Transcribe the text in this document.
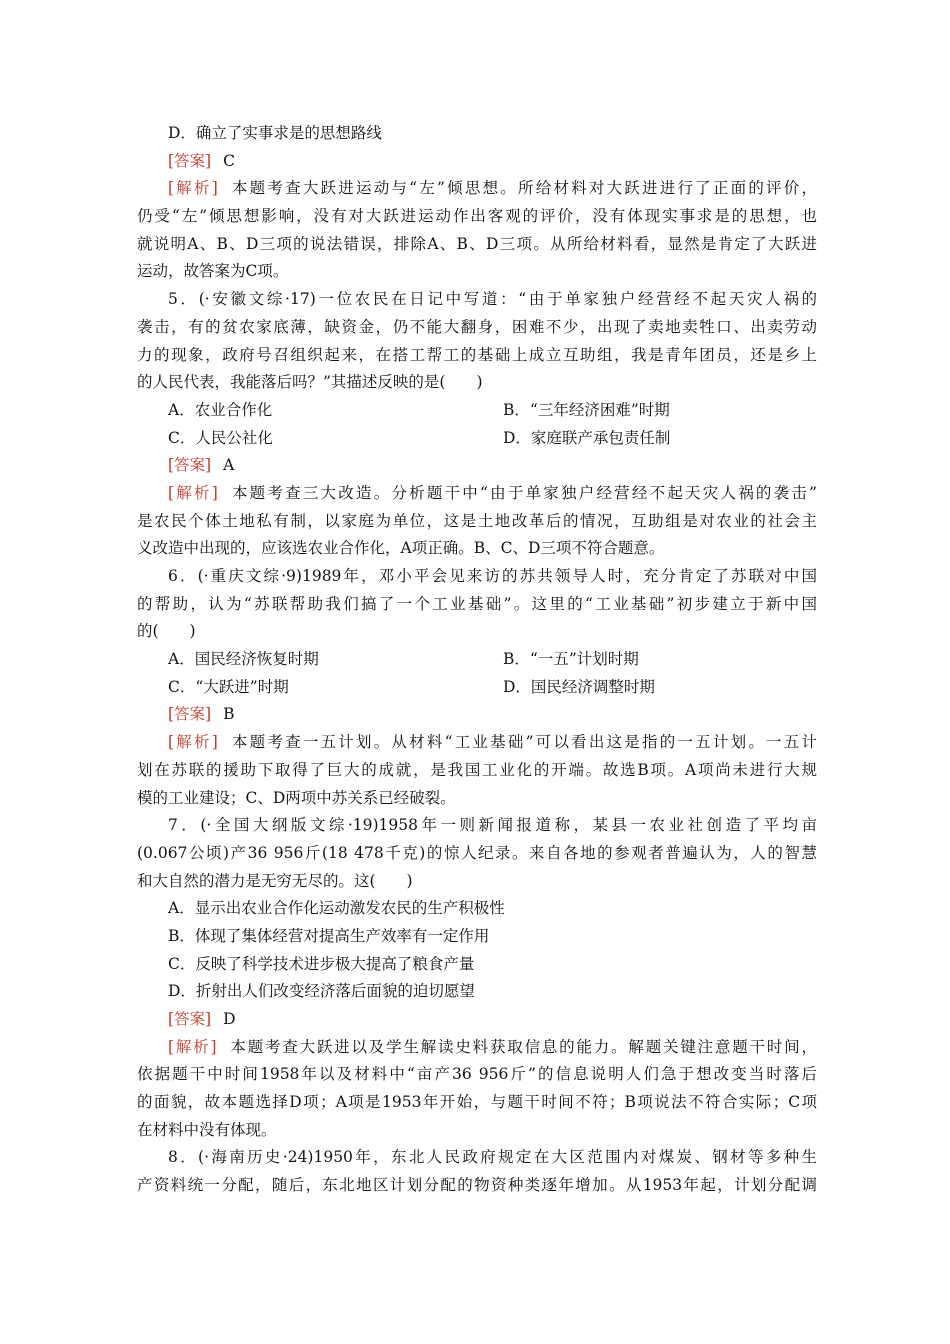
D．确立了实事求是的思想路线
[答案] C
[解析] 本题考查大跃进运动与“左”倾思想。所给材料对大跃进进行了正面的评价，
仍受“左”倾思想影响，没有对大跃进运动作出客观的评价，没有体现实事求是的思想，也
就说明A、B、D三项的说法错误，排除A、B、D三项。从所给材料看，显然是肯定了大跃进
运动，故答案为C项。
5．(·安徽文综·17)一位农民在日记中写道：“由于单家独户经营经不起天灾人祸的
袭击，有的贫农家底薄，缺资金，仍不能大翻身，困难不少，出现了卖地卖牲口、出卖劳动
力的现象，政府号召组织起来，在搭工帮工的基础上成立互助组，我是青年团员，还是乡上
的人民代表，我能落后吗？”其描述反映的是(　　)
A．农业合作化	B．“三年经济困难”时期
C．人民公社化	D．家庭联产承包责任制
[答案] A
[解析] 本题考查三大改造。分析题干中“由于单家独户经营经不起天灾人祸的袭击”
是农民个体土地私有制，以家庭为单位，这是土地改革后的情况，互助组是对农业的社会主
义改造中出现的，应该选农业合作化，A项正确。B、C、D三项不符合题意。
6．(·重庆文综·9)1989年，邓小平会见来访的苏共领导人时，充分肯定了苏联对中国
的帮助，认为“苏联帮助我们搞了一个工业基础”。这里的“工业基础”初步建立于新中国
的(　　)
A．国民经济恢复时期	B．“一五”计划时期
C．“大跃进”时期	D．国民经济调整时期
[答案] B
[解析] 本题考查一五计划。从材料“工业基础”可以看出这是指的一五计划。一五计
划在苏联的援助下取得了巨大的成就，是我国工业化的开端。故选B项。A项尚未进行大规
模的工业建设；C、D两项中苏关系已经破裂。
7．(·全国大纲版文综·19)1958年一则新闻报道称，某县一农业社创造了平均亩
(0.067公顷)产36 956斤(18 478千克)的惊人纪录。来自各地的参观者普遍认为，人的智慧
和大自然的潜力是无穷无尽的。这(　　)
A．显示出农业合作化运动激发农民的生产积极性
B．体现了集体经营对提高生产效率有一定作用
C．反映了科学技术进步极大提高了粮食产量
D．折射出人们改变经济落后面貌的迫切愿望
[答案] D
[解析] 本题考查大跃进以及学生解读史料获取信息的能力。解题关键注意题干时间，
依据题干中时间1958年以及材料中“亩产36 956斤”的信息说明人们急于想改变当时落后
的面貌，故本题选择D项；A项是1953年开始，与题干时间不符；B项说法不符合实际；C项
在材料中没有体现。
8．(·海南历史·24)1950年，东北人民政府规定在大区范围内对煤炭、钢材等多种生
产资料统一分配，随后，东北地区计划分配的物资种类逐年增加。从1953年起，计划分配调
